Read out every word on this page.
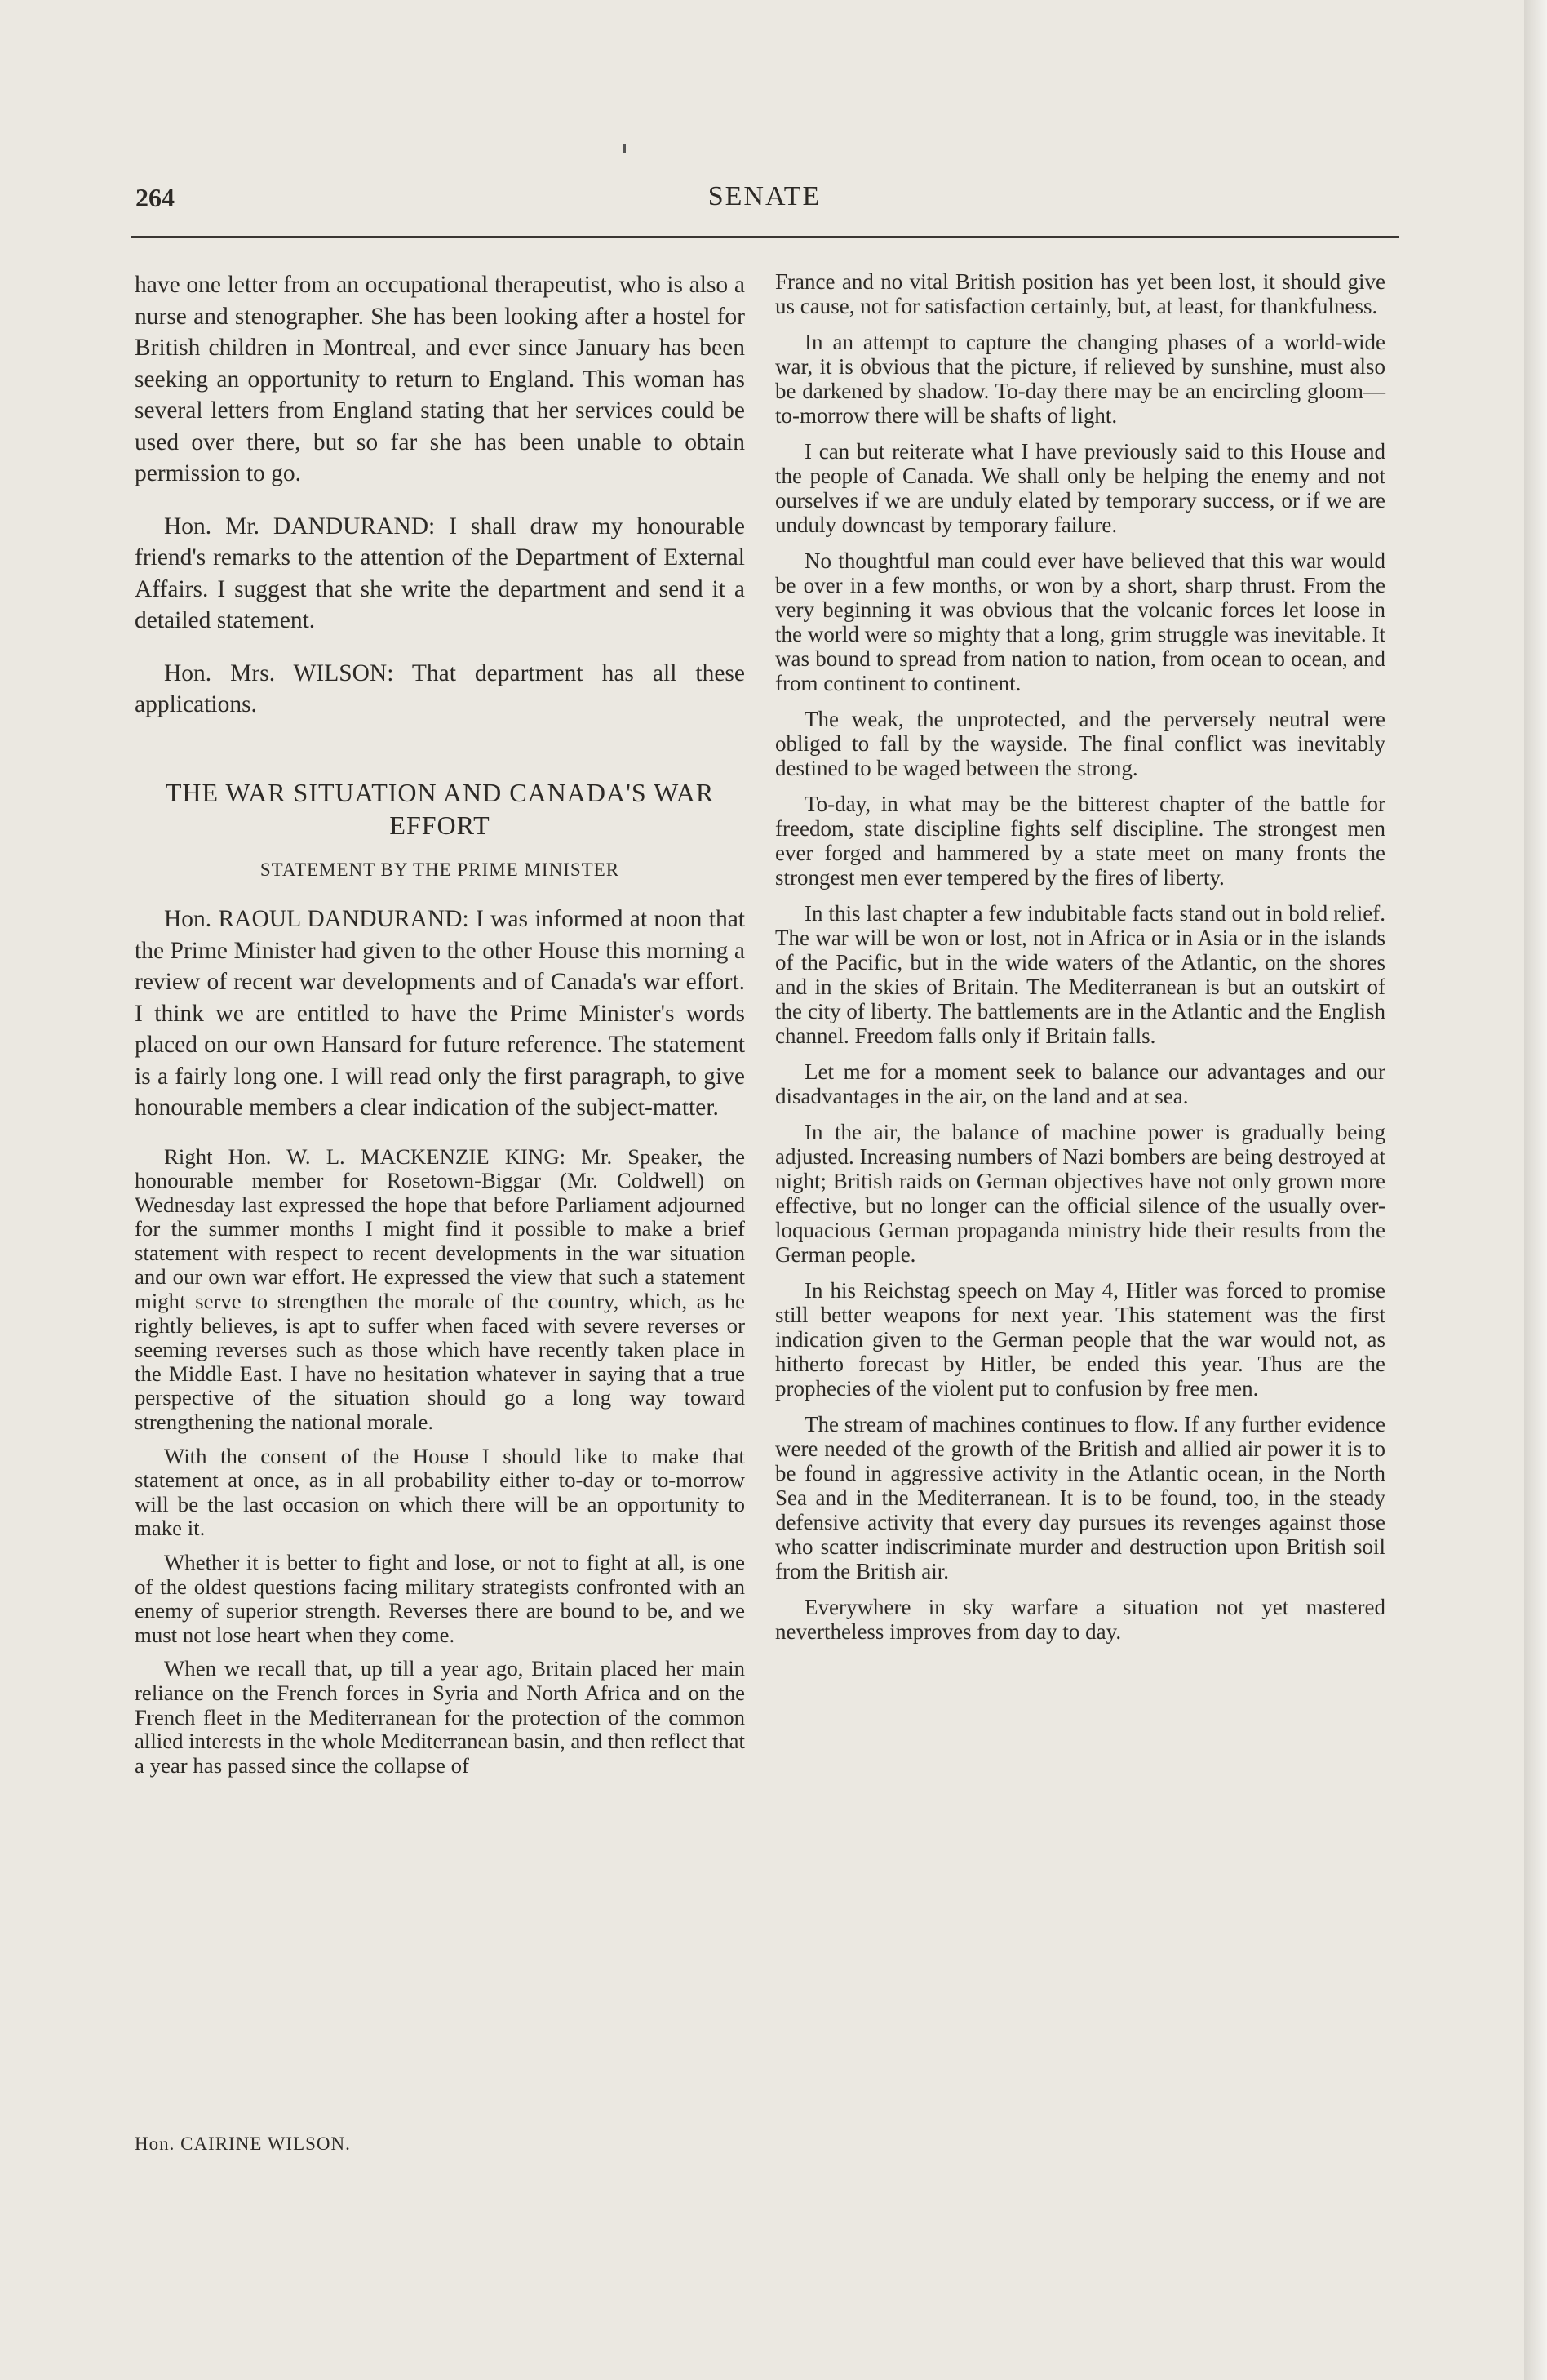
264	SENATE

have one letter from an occupational therapeutist, who is also a nurse and stenographer. She has been looking after a hostel for British children in Montreal, and ever since January has been seeking an opportunity to return to England. This woman has several letters from England stating that her services could be used over there, but so far she has been unable to obtain permission to go.

Hon. Mr. DANDURAND: I shall draw my honourable friend's remarks to the attention of the Department of External Affairs. I suggest that she write the department and send it a detailed statement.

Hon. Mrs. WILSON: That department has all these applications.

THE WAR SITUATION AND CANADA'S WAR EFFORT
STATEMENT BY THE PRIME MINISTER

Hon. RAOUL DANDURAND: I was informed at noon that the Prime Minister had given to the other House this morning a review of recent war developments and of Canada's war effort. I think we are entitled to have the Prime Minister's words placed on our own Hansard for future reference. The statement is a fairly long one. I will read only the first paragraph, to give honourable members a clear indication of the subject-matter.

Right Hon. W. L. MACKENZIE KING: Mr. Speaker, the honourable member for Rosetown-Biggar (Mr. Coldwell) on Wednesday last expressed the hope that before Parliament adjourned for the summer months I might find it possible to make a brief statement with respect to recent developments in the war situation and our own war effort. He expressed the view that such a statement might serve to strengthen the morale of the country, which, as he rightly believes, is apt to suffer when faced with severe reverses or seeming reverses such as those which have recently taken place in the Middle East. I have no hesitation whatever in saying that a true perspective of the situation should go a long way toward strengthening the national morale.

With the consent of the House I should like to make that statement at once, as in all probability either to-day or to-morrow will be the last occasion on which there will be an opportunity to make it.

Whether it is better to fight and lose, or not to fight at all, is one of the oldest questions facing military strategists confronted with an enemy of superior strength. Reverses there are bound to be, and we must not lose heart when they come.

When we recall that, up till a year ago, Britain placed her main reliance on the French forces in Syria and North Africa and on the French fleet in the Mediterranean for the protection of the common allied interests in the whole Mediterranean basin, and then reflect that a year has passed since the collapse of

France and no vital British position has yet been lost, it should give us cause, not for satisfaction certainly, but, at least, for thankfulness.

In an attempt to capture the changing phases of a world-wide war, it is obvious that the picture, if relieved by sunshine, must also be darkened by shadow. To-day there may be an encircling gloom—to-morrow there will be shafts of light.

I can but reiterate what I have previously said to this House and the people of Canada. We shall only be helping the enemy and not ourselves if we are unduly elated by temporary success, or if we are unduly downcast by temporary failure.

No thoughtful man could ever have believed that this war would be over in a few months, or won by a short, sharp thrust. From the very beginning it was obvious that the volcanic forces let loose in the world were so mighty that a long, grim struggle was inevitable. It was bound to spread from nation to nation, from ocean to ocean, and from continent to continent.

The weak, the unprotected, and the perversely neutral were obliged to fall by the wayside. The final conflict was inevitably destined to be waged between the strong.

To-day, in what may be the bitterest chapter of the battle for freedom, state discipline fights self discipline. The strongest men ever forged and hammered by a state meet on many fronts the strongest men ever tempered by the fires of liberty.

In this last chapter a few indubitable facts stand out in bold relief. The war will be won or lost, not in Africa or in Asia or in the islands of the Pacific, but in the wide waters of the Atlantic, on the shores and in the skies of Britain. The Mediterranean is but an outskirt of the city of liberty. The battlements are in the Atlantic and the English channel. Freedom falls only if Britain falls.

Let me for a moment seek to balance our advantages and our disadvantages in the air, on the land and at sea.

In the air, the balance of machine power is gradually being adjusted. Increasing numbers of Nazi bombers are being destroyed at night; British raids on German objectives have not only grown more effective, but no longer can the official silence of the usually over-loquacious German propaganda ministry hide their results from the German people.

In his Reichstag speech on May 4, Hitler was forced to promise still better weapons for next year. This statement was the first indication given to the German people that the war would not, as hitherto forecast by Hitler, be ended this year. Thus are the prophecies of the violent put to confusion by free men.

The stream of machines continues to flow. If any further evidence were needed of the growth of the British and allied air power it is to be found in aggressive activity in the Atlantic ocean, in the North Sea and in the Mediterranean. It is to be found, too, in the steady defensive activity that every day pursues its revenges against those who scatter indiscriminate murder and destruction upon British soil from the British air.

Everywhere in sky warfare a situation not yet mastered nevertheless improves from day to day.

Hon. CAIRINE WILSON.
